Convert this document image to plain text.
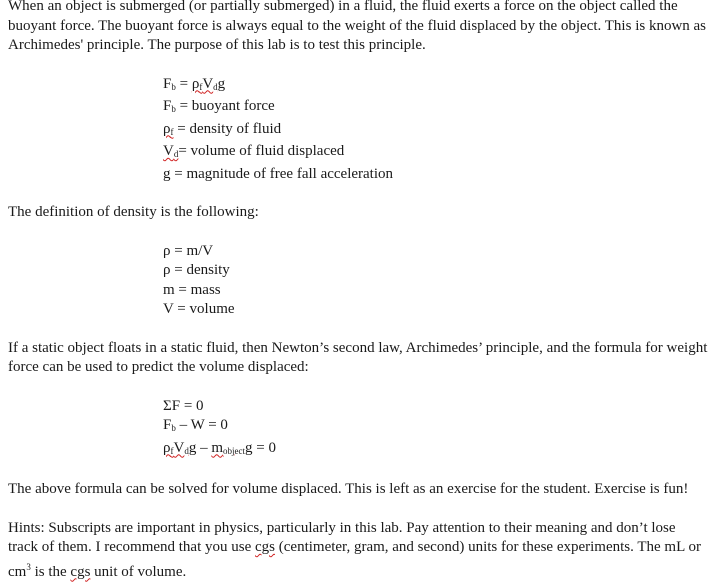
When an object is submerged (or partially submerged) in a fluid, the fluid exerts a force on the object called the buoyant force. The buoyant force is always equal to the weight of the fluid displaced by the object. This is known as Archimedes' principle. The purpose of this lab is to test this principle.

$F_b = \rho_fV_dg$
$F_b$ = buoyant force
$\rho_f$ = density of fluid
$V_d=$ volume of fluid displaced
g = magnitude of free fall acceleration

The definition of density is the following:

ρ = m/V
ρ = density
m = mass
V = volume

If a static object floats in a static fluid, then Newton’s second law, Archimedes’ principle, and the formula for weight force can be used to predict the volume displaced:

ΣF = 0
$F_b - W = 0$
$\rho_fV_dg - m_{object}g = 0$

The above formula can be solved for volume displaced. This is left as an exercise for the student. Exercise is fun!

Hints: Subscripts are important in physics, particularly in this lab. Pay attention to their meaning and don’t lose track of them. I recommend that you use cgs (centimeter, gram, and second) units for these experiments. The mL or $cm^3$ is the cgs unit of volume.
